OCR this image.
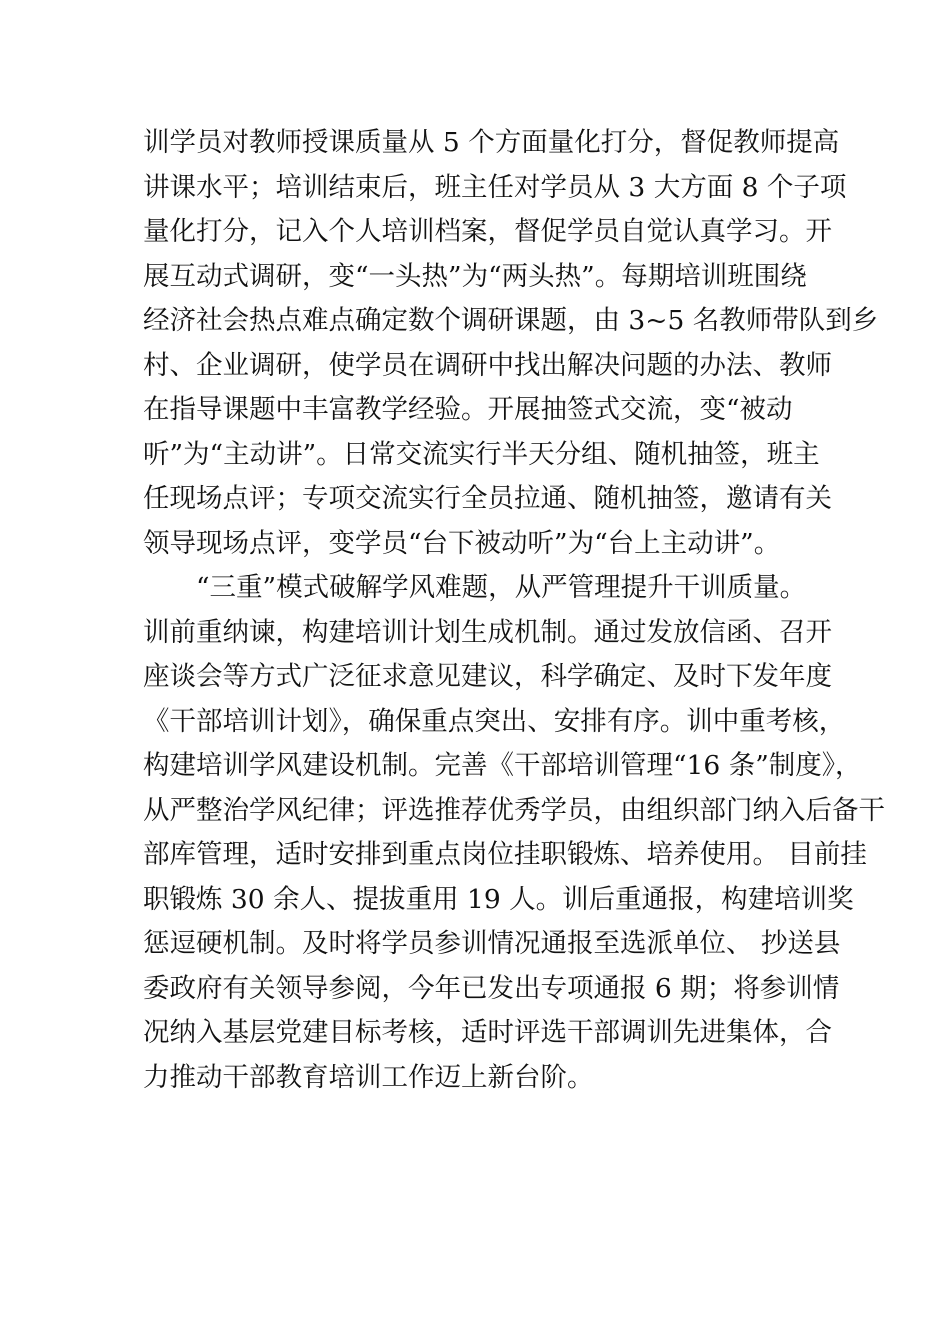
训学员对教师授课质量从 5 个方面量化打分，督促教师提高
讲课水平；培训结束后，班主任对学员从 3 大方面 8 个子项
量化打分，记入个人培训档案，督促学员自觉认真学习。开
展互动式调研，变“一头热”为“两头热”。每期培训班围绕
经济社会热点难点确定数个调研课题，由 3~5 名教师带队到乡
村、企业调研，使学员在调研中找出解决问题的办法、教师
在指导课题中丰富教学经验。开展抽签式交流，变“被动
听”为“主动讲”。日常交流实行半天分组、随机抽签，班主
任现场点评；专项交流实行全员拉通、随机抽签，邀请有关
领导现场点评，变学员“台下被动听”为“台上主动讲”。
“三重”模式破解学风难题，从严管理提升干训质量。
训前重纳谏，构建培训计划生成机制。通过发放信函、召开
座谈会等方式广泛征求意见建议，科学确定、及时下发年度
《干部培训计划》，确保重点突出、安排有序。训中重考核，
构建培训学风建设机制。完善《干部培训管理“16 条”制度》，
从严整治学风纪律；评选推荐优秀学员，由组织部门纳入后备干
部库管理，适时安排到重点岗位挂职锻炼、培养使用。 目前挂
职锻炼 30 余人、提拔重用 19 人。训后重通报，构建培训奖
惩逗硬机制。及时将学员参训情况通报至选派单位、 抄送县
委政府有关领导参阅，今年已发出专项通报 6 期；将参训情
况纳入基层党建目标考核，适时评选干部调训先进集体，合
力推动干部教育培训工作迈上新台阶。
